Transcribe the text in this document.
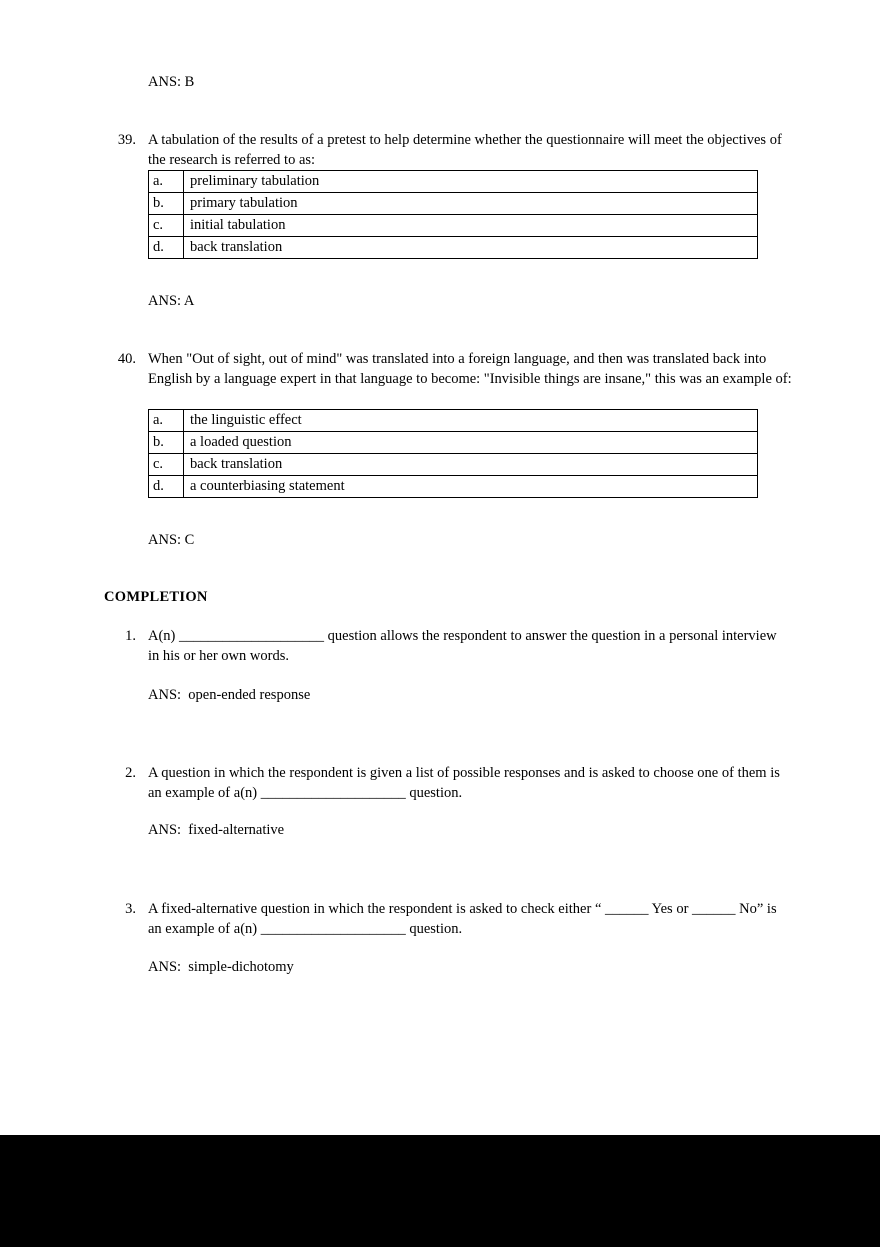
ANS: B
39. A tabulation of the results of a pretest to help determine whether the questionnaire will meet the objectives of the research is referred to as:
a.	preliminary tabulation
b.	primary tabulation
c.	initial tabulation
d.	back translation
ANS: A
40. When "Out of sight, out of mind" was translated into a foreign language, and then was translated back into English by a language expert in that language to become: "Invisible things are insane," this was an example of:
a.	the linguistic effect
b.	a loaded question
c.	back translation
d.	a counterbiasing statement
ANS: C
COMPLETION
1. A(n) ____________________ question allows the respondent to answer the question in a personal interview in his or her own words.
ANS:  open-ended response
2. A question in which the respondent is given a list of possible responses and is asked to choose one of them is an example of a(n) ____________________ question.
ANS:  fixed-alternative
3. A fixed-alternative question in which the respondent is asked to check either “ ______ Yes or ______ No” is an example of a(n) ____________________ question.
ANS:  simple-dichotomy
